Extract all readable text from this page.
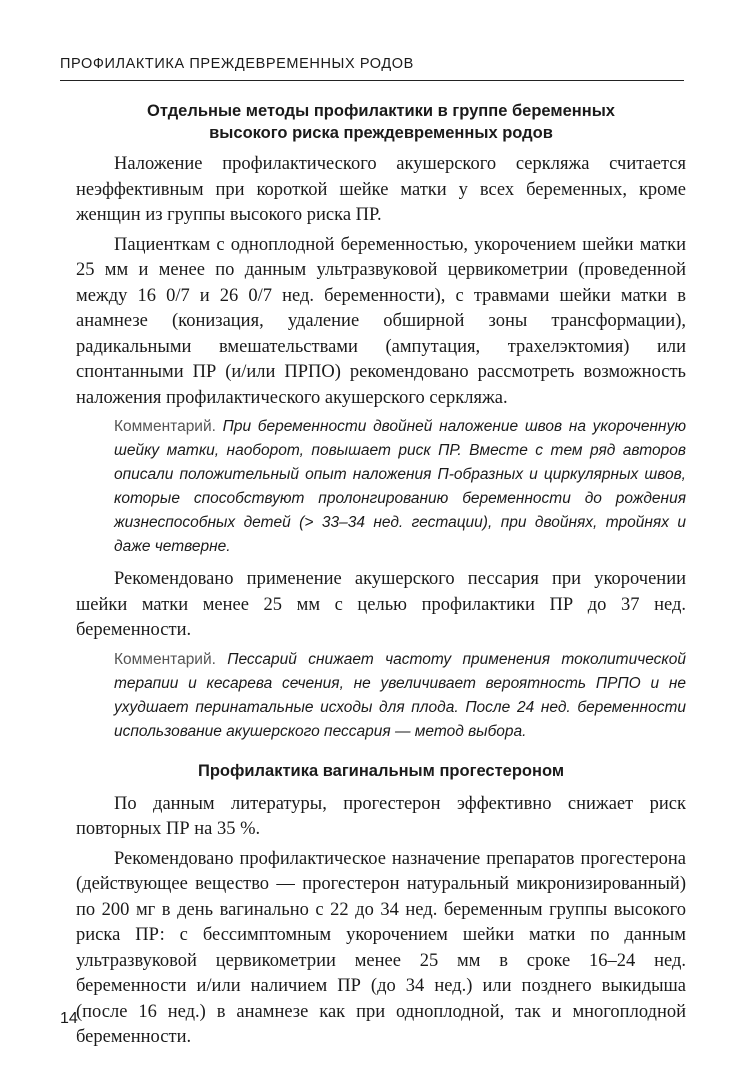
ПРОФИЛАКТИКА ПРЕЖДЕВРЕМЕННЫХ РОДОВ
Отдельные методы профилактики в группе беременных
высокого риска преждевременных родов

Наложение профилактического акушерского серкляжа считается неэффективным при короткой шейке матки у всех беременных, кроме женщин из группы высокого риска ПР.

Пациенткам с одноплодной беременностью, укорочением шейки матки 25 мм и менее по данным ультразвуковой цервикометрии (проведенной между 16 0/7 и 26 0/7 нед. беременности), с травмами шейки матки в анамнезе (конизация, удаление обширной зоны трансформации), радикальными вмешательствами (ампутация, трахелэктомия) или спонтанными ПР (и/или ПРПО) рекомендовано рассмотреть возможность наложения профилактического акушерского серкляжа.

Комментарий. При беременности двойней наложение швов на укороченную шейку матки, наоборот, повышает риск ПР. Вместе с тем ряд авторов описали положительный опыт наложения П-образных и циркулярных швов, которые способствуют пролонгированию беременности до рождения жизнеспособных детей (> 33–34 нед. гестации), при двойнях, тройнях и даже четверне.

Рекомендовано применение акушерского пессария при укорочении шейки матки менее 25 мм с целью профилактики ПР до 37 нед. беременности.

Комментарий. Пессарий снижает частоту применения токолитической терапии и кесарева сечения, не увеличивает вероятность ПРПО и не ухудшает перинатальные исходы для плода. После 24 нед. беременности использование акушерского пессария — метод выбора.
Профилактика вагинальным прогестероном

По данным литературы, прогестерон эффективно снижает риск повторных ПР на 35 %.

Рекомендовано профилактическое назначение препаратов прогестерона (действующее вещество — прогестерон натуральный микронизированный) по 200 мг в день вагинально с 22 до 34 нед. беременным группы высокого риска ПР: с бессимптомным укорочением шейки матки по данным ультразвуковой цервикометрии менее 25 мм в сроке 16–24 нед. беременности и/или наличием ПР (до 34 нед.) или позднего выкидыша (после 16 нед.) в анамнезе как при одноплодной, так и многоплодной беременности.

14
